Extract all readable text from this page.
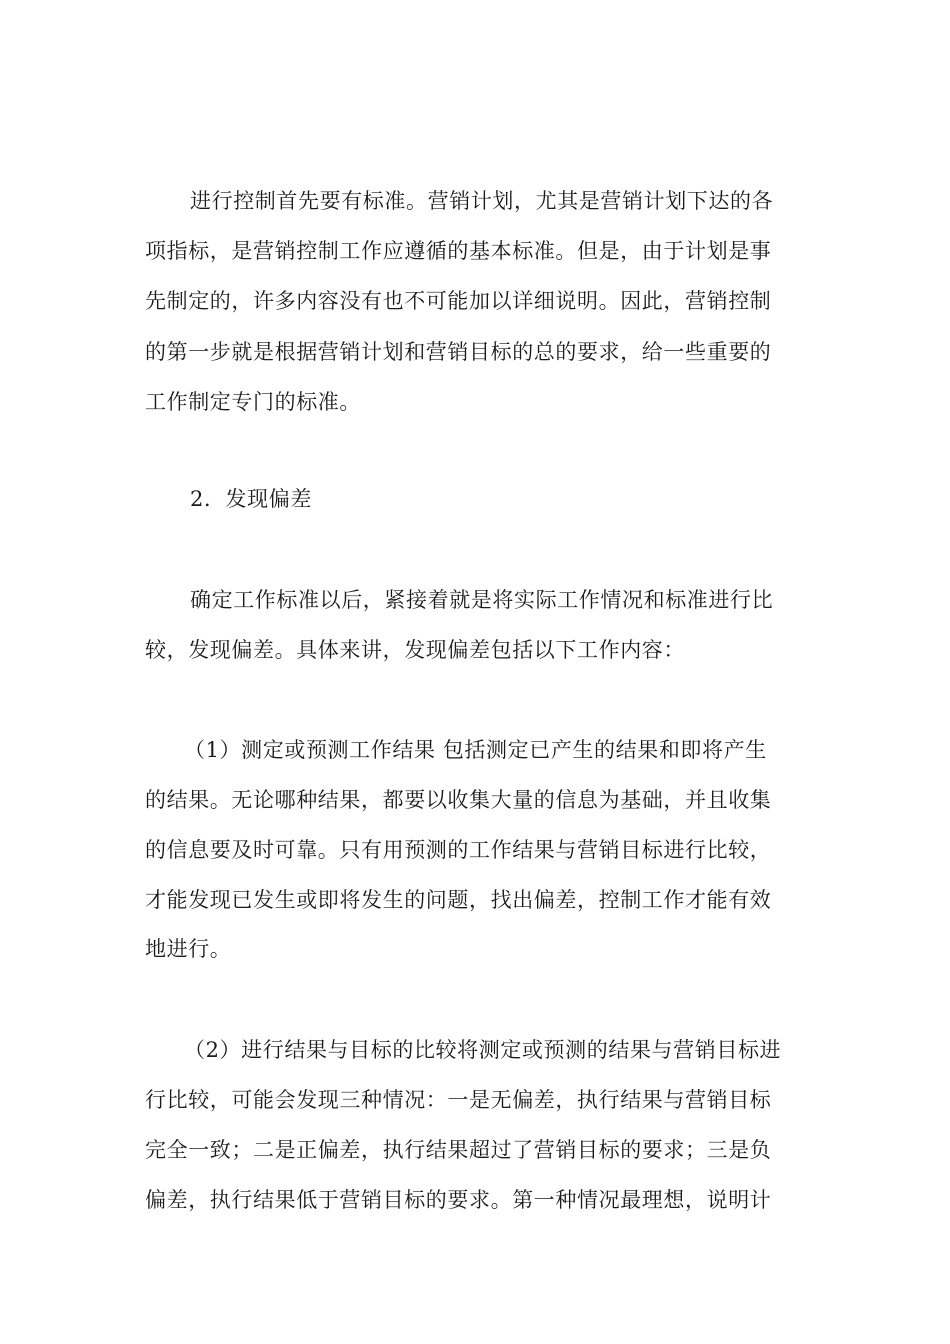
进行控制首先要有标准。营销计划，尤其是营销计划下达的各
项指标，是营销控制工作应遵循的基本标准。但是，由于计划是事
先制定的，许多内容没有也不可能加以详细说明。因此，营销控制
的第一步就是根据营销计划和营销目标的总的要求，给一些重要的
工作制定专门的标准。
2．发现偏差
确定工作标准以后，紧接着就是将实际工作情况和标准进行比
较，发现偏差。具体来讲，发现偏差包括以下工作内容：
（1）测定或预测工作结果 包括测定已产生的结果和即将产生
的结果。无论哪种结果，都要以收集大量的信息为基础，并且收集
的信息要及时可靠。只有用预测的工作结果与营销目标进行比较，
才能发现已发生或即将发生的问题，找出偏差，控制工作才能有效
地进行。
（2）进行结果与目标的比较将测定或预测的结果与营销目标进
行比较，可能会发现三种情况：一是无偏差，执行结果与营销目标
完全一致；二是正偏差，执行结果超过了营销目标的要求；三是负
偏差，执行结果低于营销目标的要求。第一种情况最理想，说明计
